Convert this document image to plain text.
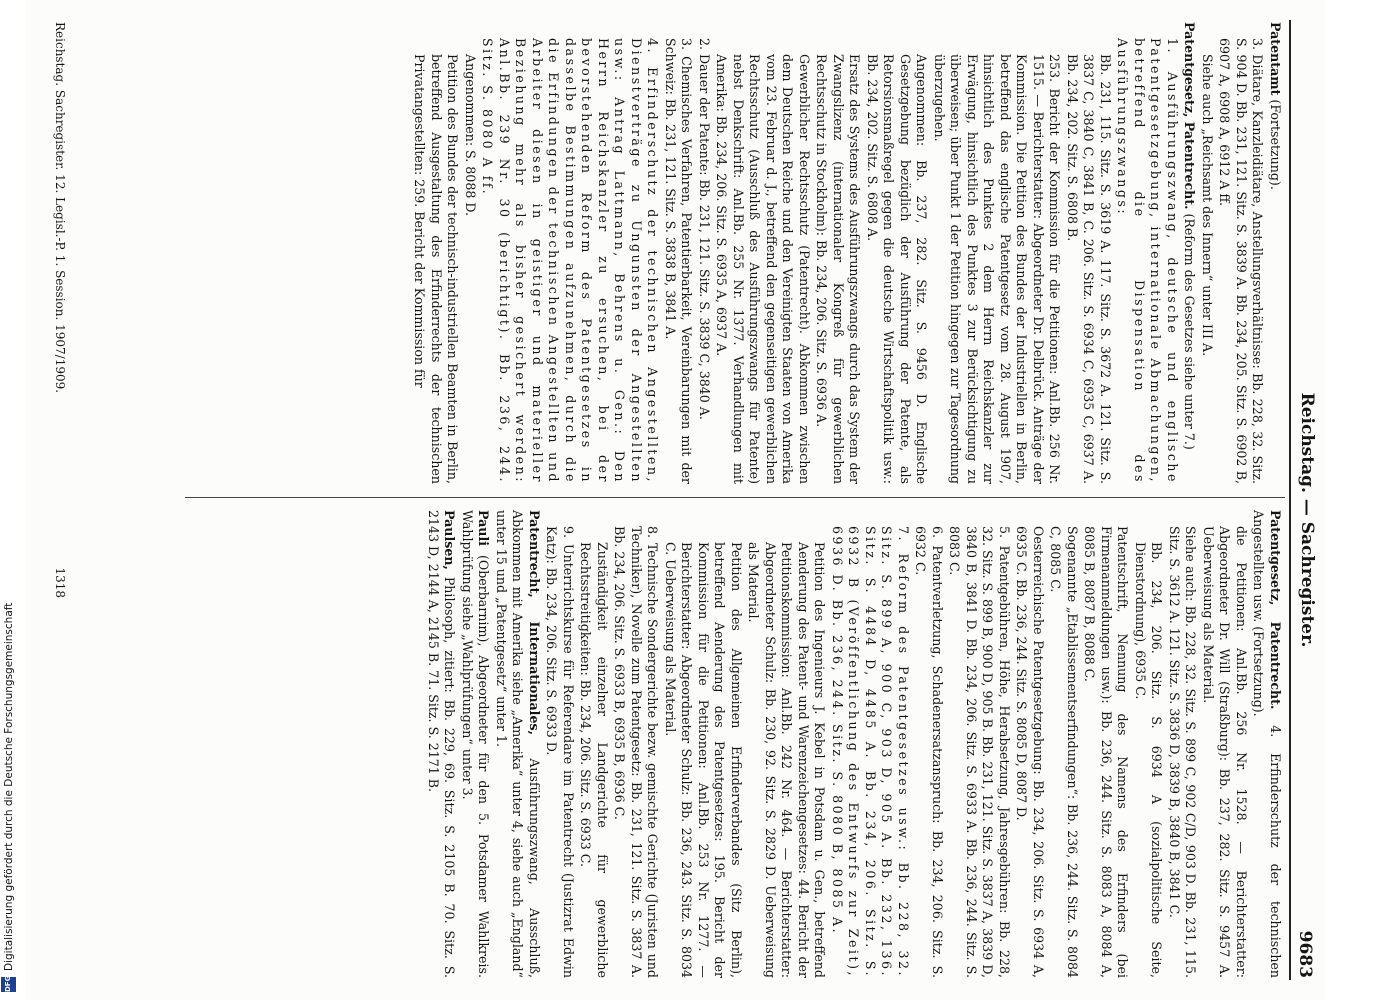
Reichstag. — Sachregister.
9683
Patentamt (Fortsetzung).
3. Diätare, Kanzleidiätare, Anstellungsverhältnisse: Bb. 228, 32. Sitz. S. 904 D. Bb. 231, 121. Sitz. S. 3839 A. Bb. 234, 205. Sitz. S. 6902 B, 6907 A, 6908 A, 6912 A ff.
Siehe auch „Reichsamt des Innern“ unter III A.
Patentgesetz, Patentrecht. (Reform des Gesetzes siehe unter 7.)
1. Ausführungszwang, deutsche und englische Patentgesetzgebung, internationale Abmachungen, betreffend die Dispensation des Ausführungszwangs:
Bb. 231, 115. Sitz. S. 3619 A. 117. Sitz. S. 3672 A. 121. Sitz. S. 3837 C, 3840 C, 3841 B, C. 206. Sitz. S. 6934 C, 6935 C, 6937 A. Bb. 234, 202. Sitz. S. 6808 B.
253. Bericht der Kommission für die Petitionen: Anl.Bb. 256 Nr. 1515. — Berichterstatter: Abgeordneter Dr. Delbrück. Anträge der Kommission. Die Petition des Bundes der Industriellen in Berlin, betreffend das englische Patentgesetz vom 28. August 1907, hinsichtlich des Punktes 2 dem Herrn Reichskanzler zur Erwägung, hinsichtlich des Punktes 3 zur Berücksichtigung zu überweisen; über Punkt 1 der Petition hingegen zur Tagesordnung überzugehen.
Angenommen: Bb. 237, 282. Sitz. S. 9456 D. Englische Gesetzgebung bezüglich der Ausführung der Patente, als Retorsionsmaßregel gegen die deutsche Wirtschaftspolitik usw.: Bb. 234, 202. Sitz. S. 6808 A.
Ersatz des Systems des Ausführungszwangs durch das System der Zwangslizenz (internationaler Kongreß für gewerblichen Rechtsschutz in Stockholm): Bb. 234, 206. Sitz. S. 6936 A.
Gewerblicher Rechtsschutz (Patentrecht). Abkommen zwischen dem Deutschen Reiche und den Vereinigten Staaten von Amerika vom 23. Februar d. J., betreffend den gegenseitigen gewerblichen Rechtsschutz (Ausschluß des Ausführungszwangs für Patente) nebst Denkschrift: Anl.Bb. 255 Nr. 1377. Verhandlungen mit Amerika: Bb. 234, 206. Sitz. S. 6935 A, 6937 A.
2. Dauer der Patente: Bb. 231, 121. Sitz. S. 3839 C, 3840 A.
3. Chemisches Verfahren, Patentierbarkeit, Vereinbarungen mit der Schweiz: Bb. 231, 121. Sitz. S. 3838 B, 3841 A.
4. Erfinderschutz der technischen Angestellten, Dienstverträge zu Ungunsten der Angestellten usw.: Antrag Lattmann, Behrens u. Gen.: Den Herrn Reichskanzler zu ersuchen, bei der bevorstehenden Reform des Patentgesetzes in dasselbe Bestimmungen aufzunehmen, durch die die Erfindungen der technischen Angestellten und Arbeiter diesen in geistiger und materieller Beziehung mehr als bisher gesichert werden: Anl.Bb. 239 Nr. 30 (berichtigt). Bb. 236, 244. Sitz. S. 8080 A ff.
Angenommen: S. 8088 D.
Petition des Bundes der technisch-industriellen Beamten in Berlin, betreffend Ausgestaltung des Erfinderrechts der technischen Privatangestellten: 259. Bericht der Kommission für
Patentgesetz, Patentrecht. 4. Erfinderschutz der technischen Angestellten usw. (Fortsetzung).
die Petitionen: Anl.Bb. 256 Nr. 1528. — Berichterstatter: Abgeordneter Dr. Will (Straßburg): Bb. 237, 282. Sitz. S. 9457 A. Ueberweisung als Material.
Siehe auch: Bb. 228, 32. Sitz. S. 899 C, 902 C/D, 903 D. Bb. 231, 115. Sitz. S. 3612 A. 121. Sitz. S. 3836 D, 3839 B, 3840 B, 3841 C.
Bb. 234, 206. Sitz. S. 6934 A (sozialpolitische Seite, Dienstordnung), 6935 C.
Patentschrift, Nennung des Namens des Erfinders (bei Firmenanmeldungen usw.): Bb. 236, 244. Sitz. S. 8083 A, 8084 A, 8085 B, 8087 B, 8088 C.
Sogenannte „Etablissementserfindungen“: Bb. 236, 244. Sitz. S. 8084 C, 8085 C.
Oesterreichische Patentgesetzgebung: Bb. 234, 206. Sitz. S. 6934 A, 6935 C. Bb. 236, 244. Sitz. S. 8085 D, 8087 D.
5. Patentgebühren, Höhe, Herabsetzung, Jahresgebühren: Bb. 228, 32. Sitz. S. 899 B, 900 D, 905 B. Bb. 231, 121. Sitz. S. 3837 A, 3839 D, 3840 B, 3841 D. Bb. 234, 206. Sitz. S. 6933 A. Bb. 236, 244. Sitz. S. 8083 C.
6. Patentverletzung, Schadenersatzanspruch: Bb. 234, 206. Sitz. S. 6932 C.
7. Reform des Patentgesetzes usw.: Bb. 228, 32. Sitz. S. 899 A, 900 C, 903 D, 905 A. Bb. 232, 136. Sitz. S. 4484 D, 4485 A. Bb. 234, 206. Sitz. S. 6932 B (Veröffentlichung des Entwurfs zur Zeit), 6936 D. Bb. 236, 244. Sitz. S. 8080 B, 8085 A.
Petition des Ingenieurs J. Kebel in Potsdam u. Gen., betreffend Aenderung des Patent- und Warenzeichengesetzes: 44. Bericht der Petitionskommission: Anl.Bb. 242 Nr. 464. — Berichterstatter: Abgeordneter Schulz: Bb. 230, 92. Sitz. S. 2829 D. Ueberweisung als Material.
Petition des Allgemeinen Erfinderverbandes (Sitz Berlin), betreffend Aenderung des Patentgesetzes: 195. Bericht der Kommission für die Petitionen: Anl.Bb. 253 Nr. 1277. — Berichterstatter: Abgeordneter Schulz: Bb. 236, 243. Sitz. S. 8034 C. Ueberweisung als Material.
8. Technische Sondergerichte bezw. gemischte Gerichte (Juristen und Techniker), Novelle zum Patentgesetz: Bb. 231, 121. Sitz. S. 3837 A. Bb. 234, 206. Sitz. S. 6933 B, 6935 B, 6936 C.
Zuständigkeit einzelner Landgerichte für gewerbliche Rechtsstreitigkeiten: Bb. 234, 206. Sitz. S. 6933 C.
9. Unterrichtskurse für Referendare im Patentrecht (Justizrat Edwin Katz): Bb. 234, 206. Sitz. S. 6933 D.
Patentrecht, Internationales, Ausführungszwang, Ausschluß, Abkommen mit Amerika siehe „Amerika“ unter 4, siehe auch „England“ unter 15 und „Patentgesetz“ unter 1.
Pauli (Oberbarnim), Abgeordneter für den 5. Potsdamer Wahlkreis. Wahlprüfung siehe „Wahlprüfungen“ unter 3.
Paulsen, Philosoph, zitiert: Bb. 229, 69. Sitz. S. 2105 B. 70. Sitz. S. 2143 D, 2144 A, 2145 B. 71. Sitz. S. 2171 B.
Reichstag. Sachregister. 12. Legisl.-P. 1. Session. 1907/1909.
1318
DFG
Digitalisierung gefördert durch die Deutsche Forschungsgemeinschaft
